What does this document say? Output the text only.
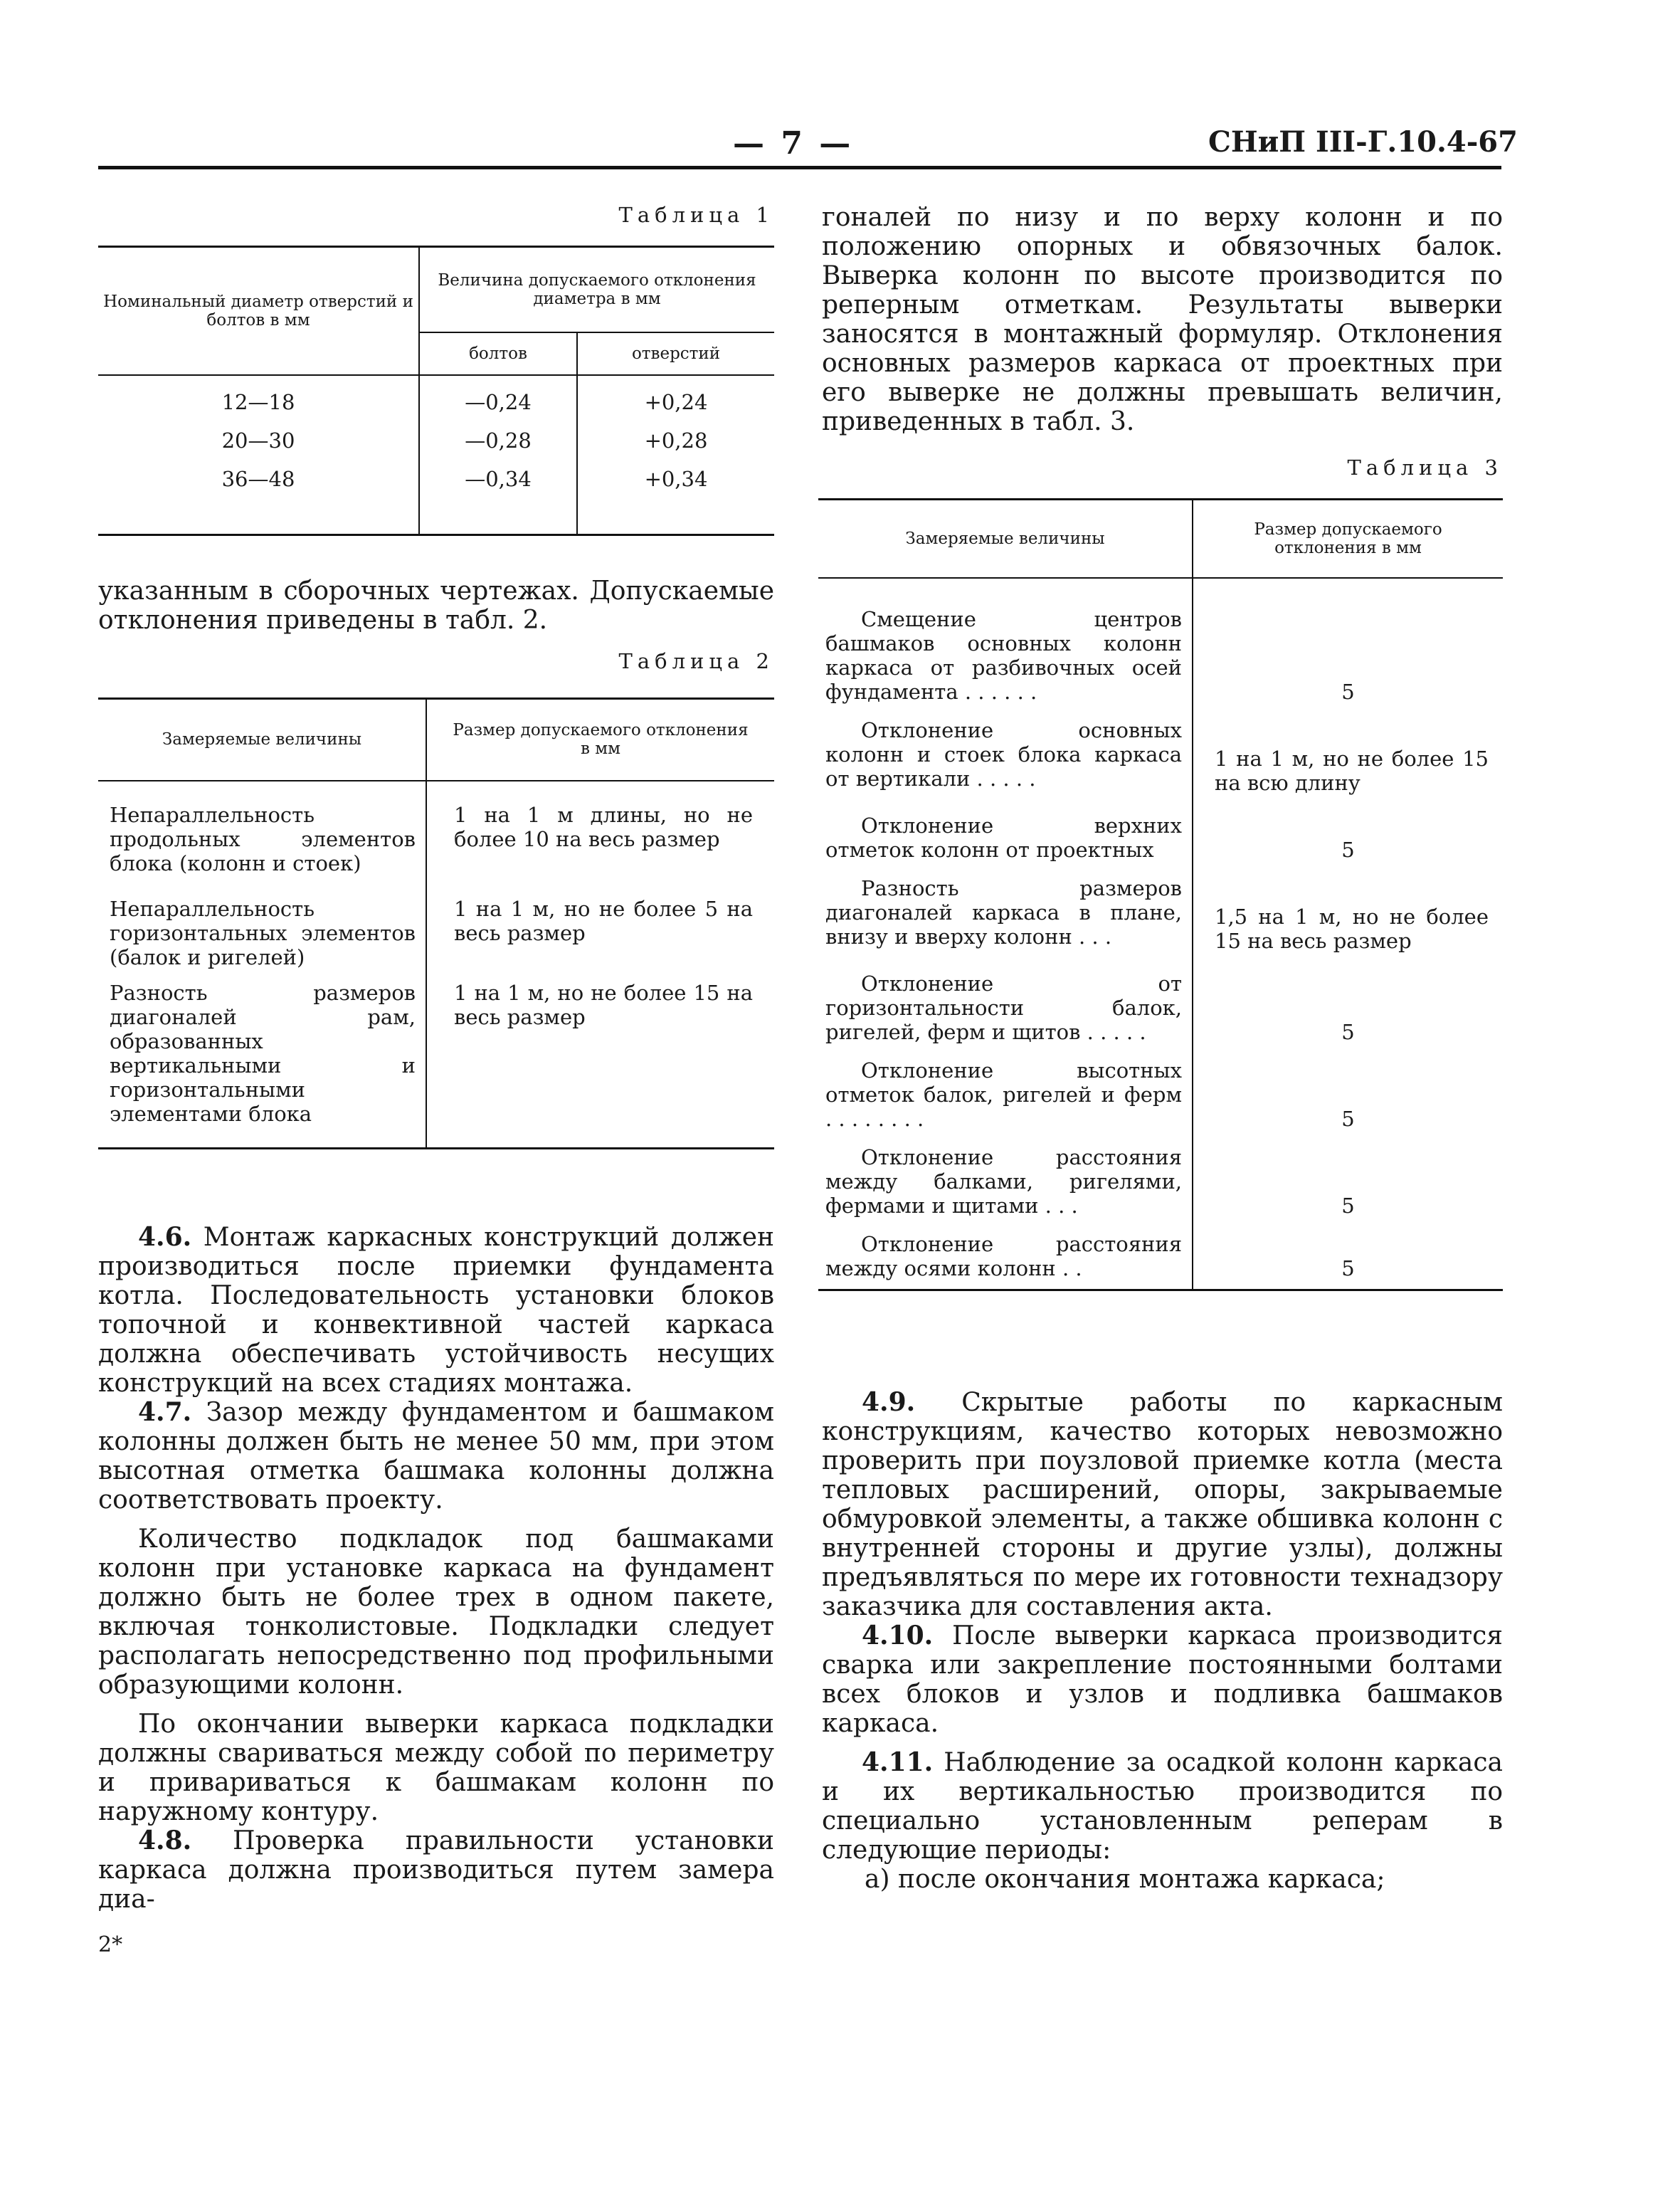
— 7 —	СНиП III-Г.10.4-67
Таблица 1
Номинальный диаметр отверстий и болтов в мм	Величина допускаемого отклонения диаметра в мм	

	болтов	отверстий

12—18	—0,24	+0,24
20—30	—0,28	+0,28
36—48	—0,34	+0,34

указанным в сборочных чертежах. Допускаемые отклонения приведены в табл. 2.

Таблица 2
Замеряемые величины	Размер допускаемого отклонения в мм

Непараллельность продольных элементов блока (колонн и стоек)	1 на 1 м длины, но не более 10 на весь размер
Непараллельность горизонтальных элементов (балок и ригелей)	1 на 1 м, но не более 5 на весь размер
Разность размеров диагоналей рам, образованных вертикальными и горизонтальными элементами блока	1 на 1 м, но не более 15 на весь размер

4.6. Монтаж каркасных конструкций должен производиться после приемки фундамента котла. Последовательность установки блоков топочной и конвективной частей каркаса должна обеспечивать устойчивость несущих конструкций на всех стадиях монтажа.

4.7. Зазор между фундаментом и башмаком колонны должен быть не менее 50 мм, при этом высотная отметка башмака колонны должна соответствовать проекту.

Количество подкладок под башмаками колонн при установке каркаса на фундамент должно быть не более трех в одном пакете, включая тонколистовые. Подкладки следует располагать непосредственно под профильными образующими колонн.

По окончании выверки каркаса подкладки должны свариваться между собой по периметру и привариваться к башмакам колонн по наружному контуру.

4.8. Проверка правильности установки каркаса должна производиться путем замера диа-

2*

гоналей по низу и по верху колонн и по положению опорных и обвязочных балок. Выверка колонн по высоте производится по реперным отметкам. Результаты выверки заносятся в монтажный формуляр. Отклонения основных размеров каркаса от проектных при его выверке не должны превышать величин, приведенных в табл. 3.

Таблица 3
Замеряемые величины	Размер допускаемого отклонения в мм

Смещение центров башмаков основных колонн каркаса от разбивочных осей фундамента . . . . . .	5
Отклонение основных колонн и стоек блока каркаса от вертикали . . . . .	1 на 1 м, но не более 15 на всю длину
Отклонение верхних отметок колонн от проектных	5
Разность размеров диагоналей каркаса в плане, внизу и вверху колонн . . .	1,5 на 1 м, но не более 15 на весь размер
Отклонение от горизонтальности балок, ригелей, ферм и щитов . . . . .	5
Отклонение высотных отметок балок, ригелей и ферм . . . . . . . .	5
Отклонение расстояния между балками, ригелями, фермами и щитами . . .	5
Отклонение расстояния между осями колонн . .	5

4.9. Скрытые работы по каркасным конструкциям, качество которых невозможно проверить при поузловой приемке котла (места тепловых расширений, опоры, закрываемые обмуровкой элементы, а также обшивка колонн с внутренней стороны и другие узлы), должны предъявляться по мере их готовности технадзору заказчика для составления акта.

4.10. После выверки каркаса производится сварка или закрепление постоянными болтами всех блоков и узлов и подливка башмаков каркаса.

4.11. Наблюдение за осадкой колонн каркаса и их вертикальностью производится по специально установленным реперам в следующие периоды:

а) после окончания монтажа каркаса;
